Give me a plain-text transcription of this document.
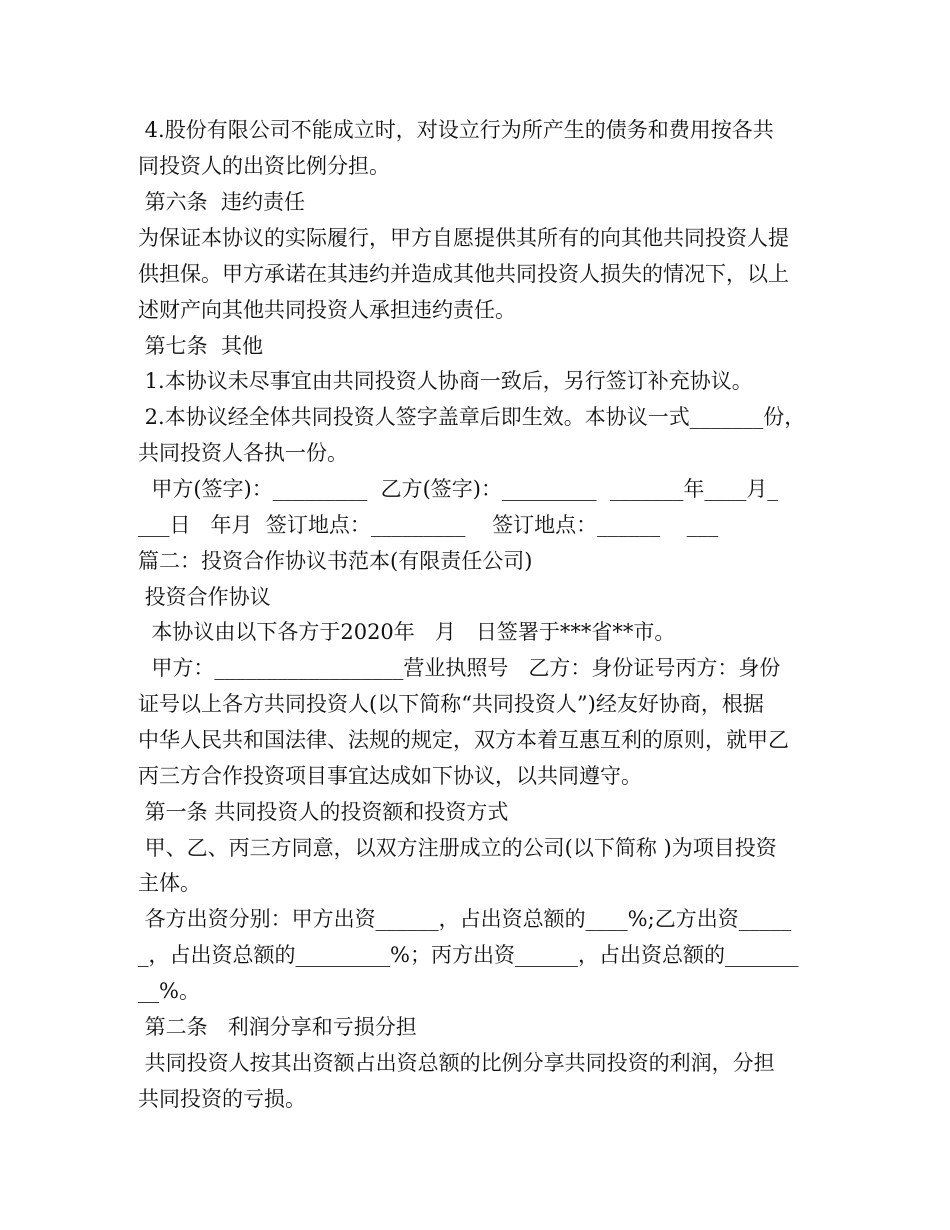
4.股份有限公司不能成立时，对设立行为所产生的债务和费用按各共
同投资人的出资比例分担。
第六条  违约责任
为保证本协议的实际履行，甲方自愿提供其所有的向其他共同投资人提
供担保。甲方承诺在其违约并造成其他共同投资人损失的情况下，以上
述财产向其他共同投资人承担违约责任。
第七条  其他
1.本协议未尽事宜由共同投资人协商一致后，另行签订补充协议。
2.本协议经全体共同投资人签字盖章后即生效。本协议一式_______份，
共同投资人各执一份。
甲方(签字)：_________  乙方(签字)：_________  _______年____月_
___日   年月  签订地点：_________    签订地点：______    ___
篇二：投资合作协议书范本(有限责任公司)
投资合作协议
本协议由以下各方于2020年   月   日签署于***省**市。
甲方：__________________营业执照号   乙方：身份证号丙方：身份
证号以上各方共同投资人(以下简称“共同投资人”)经友好协商，根据
中华人民共和国法律、法规的规定，双方本着互惠互利的原则，就甲乙
丙三方合作投资项目事宜达成如下协议，以共同遵守。
第一条 共同投资人的投资额和投资方式
甲、乙、丙三方同意，以双方注册成立的公司(以下简称 )为项目投资
主体。
各方出资分别：甲方出资______，占出资总额的____%;乙方出资_____
_，占出资总额的_________%；丙方出资______，占出资总额的_______
__%。
第二条   利润分享和亏损分担
共同投资人按其出资额占出资总额的比例分享共同投资的利润，分担
共同投资的亏损。
